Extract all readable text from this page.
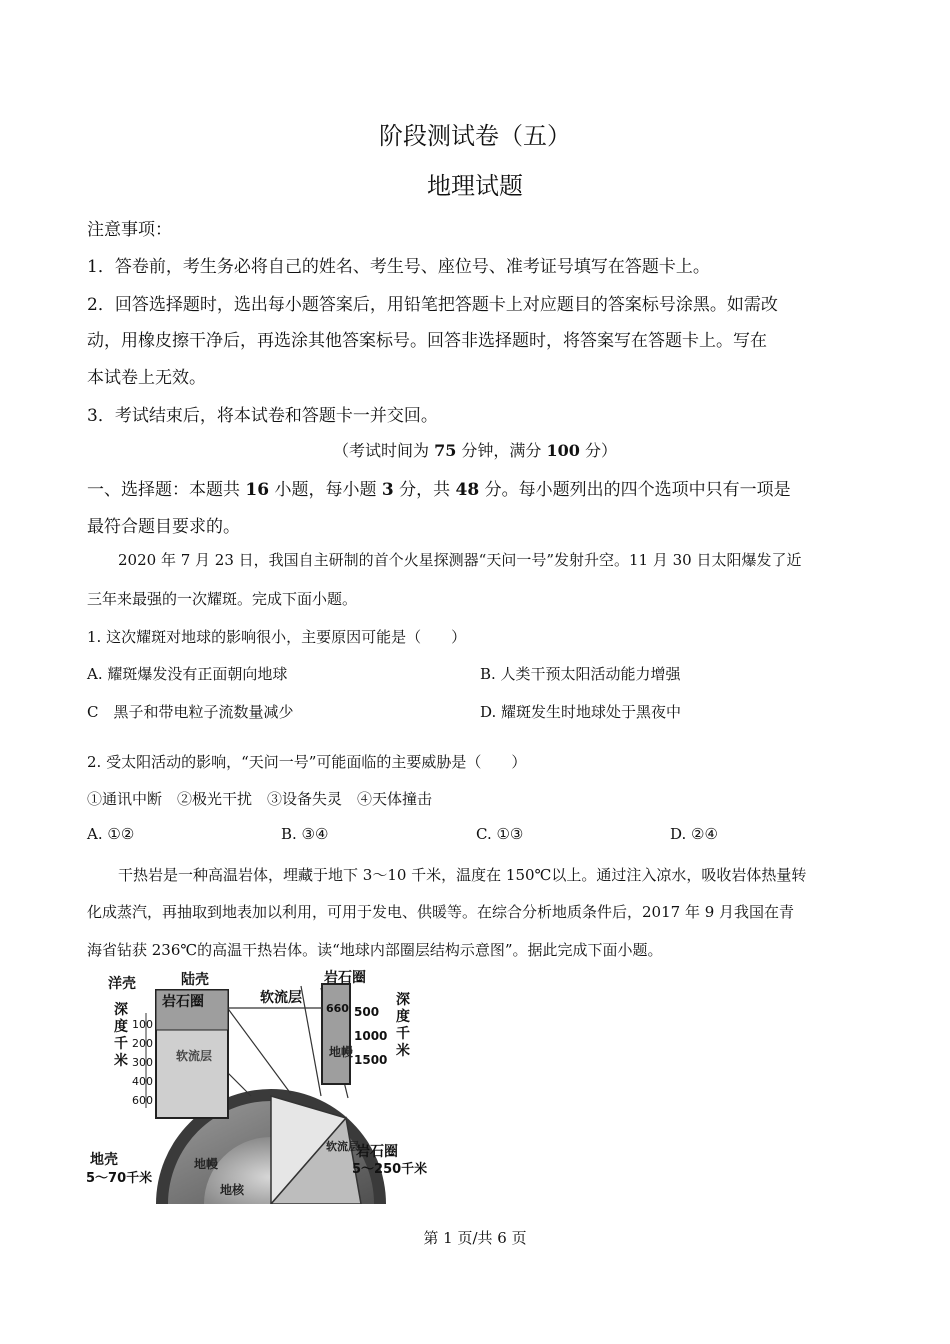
阶段测试卷（五）
地理试题
注意事项：
1．答卷前，考生务必将自己的姓名、考生号、座位号、准考证号填写在答题卡上。
2．回答选择题时，选出每小题答案后，用铅笔把答题卡上对应题目的答案标号涂黑。如需改
动，用橡皮擦干净后，再选涂其他答案标号。回答非选择题时，将答案写在答题卡上。写在
本试卷上无效。
3．考试结束后，将本试卷和答题卡一并交回。
（考试时间为 75 分钟，满分 100 分）
一、选择题：本题共 16 小题，每小题 3 分，共 48 分。每小题列出的四个选项中只有一项是
最符合题目要求的。
2020 年 7 月 23 日，我国自主研制的首个火星探测器“天问一号”发射升空。11 月 30 日太阳爆发了近
三年来最强的一次耀斑。完成下面小题。
1. 这次耀斑对地球的影响很小，主要原因可能是（　　）
A. 耀斑爆发没有正面朝向地球	B. 人类干预太阳活动能力增强
C　黑子和带电粒子流数量减少	D. 耀斑发生时地球处于黑夜中
2. 受太阳活动的影响，“天问一号”可能面临的主要威胁是（　　）
①通讯中断　②极光干扰　③设备失灵　④天体撞击
A. ①②	B. ③④	C. ①③	D. ②④
干热岩是一种高温岩体，埋藏于地下 3～10 千米，温度在 150℃以上。通过注入凉水，吸收岩体热量转
化成蒸汽，再抽取到地表加以利用，可用于发电、供暖等。在综合分析地质条件后，2017 年 9 月我国在青
海省钻获 236℃的高温干热岩体。读“地球内部圈层结构示意图”。据此完成下面小题。
洋壳	陆壳
岩石圈
软流层
软流层
岩石圈
地幔
660
地壳
5～70千米
岩石圈
5～250千米
地幔
地核
软流层
深
度
千
米
深
度
千
米
100
200
300
400
600
500
1000
1500
第 1 页/共 6 页
